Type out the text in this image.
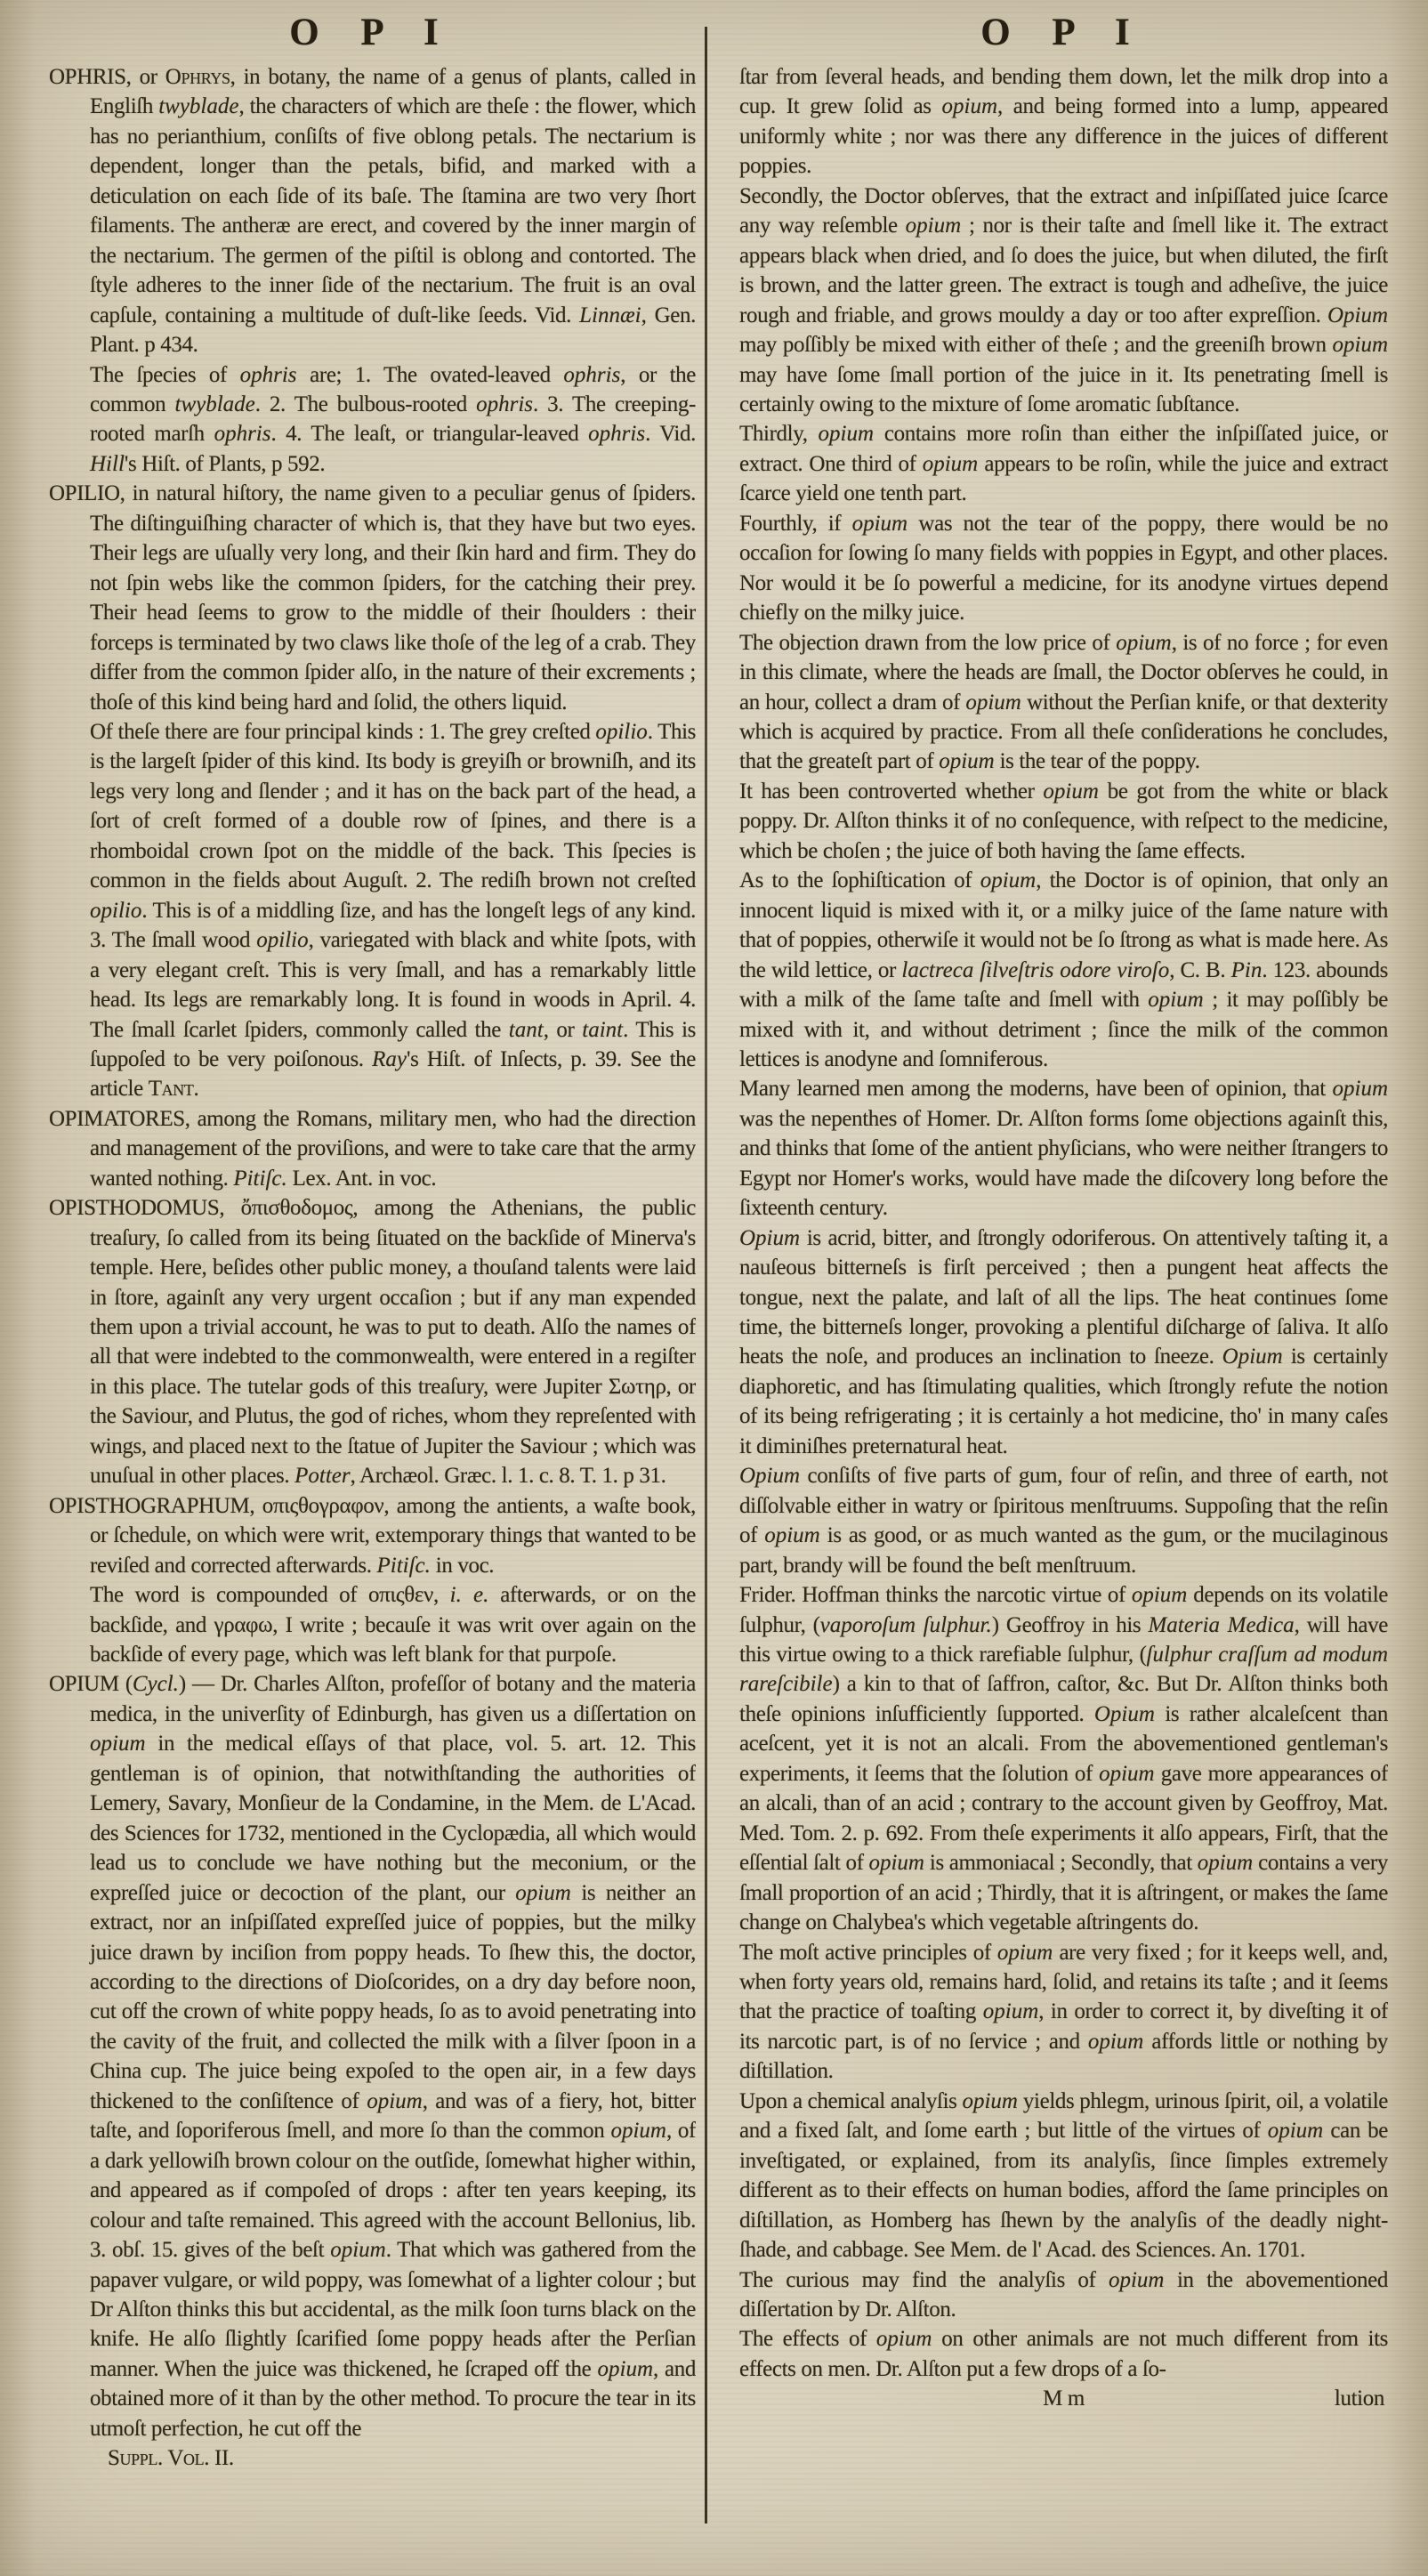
O P I	O P I
OPHRIS, or Ophrys, in botany, the name of a genus of plants, called in Engliſh twyblade, the characters of which are theſe : the flower, which has no perianthium, conſiſts of five oblong petals. The nectarium is dependent, longer than the petals, bifid, and marked with a deticulation on each ſide of its baſe. The ſtamina are two very ſhort filaments. The antheræ are erect, and covered by the inner margin of the nectarium. The germen of the piſtil is oblong and contorted. The ſtyle adheres to the inner ſide of the nectarium. The fruit is an oval capſule, containing a multitude of duſt-like ſeeds. Vid. Linnæi, Gen. Plant. p 434.
The ſpecies of ophris are; 1. The ovated-leaved ophris, or the common twyblade. 2. The bulbous-rooted ophris. 3. The creeping-rooted marſh ophris. 4. The leaſt, or triangular-leaved ophris. Vid. Hill's Hiſt. of Plants, p 592.
OPILIO, in natural hiſtory, the name given to a peculiar genus of ſpiders. The diſtinguiſhing character of which is, that they have but two eyes. Their legs are uſually very long, and their ſkin hard and firm. They do not ſpin webs like the common ſpiders, for the catching their prey. Their head ſeems to grow to the middle of their ſhoulders : their forceps is terminated by two claws like thoſe of the leg of a crab. They differ from the common ſpider alſo, in the nature of their excrements ; thoſe of this kind being hard and ſolid, the others liquid.
Of theſe there are four principal kinds : 1. The grey creſted opilio. This is the largeſt ſpider of this kind. Its body is greyiſh or browniſh, and its legs very long and ſlender ; and it has on the back part of the head, a ſort of creſt formed of a double row of ſpines, and there is a rhomboidal crown ſpot on the middle of the back. This ſpecies is common in the fields about Auguſt. 2. The rediſh brown not creſted opilio. This is of a middling ſize, and has the longeſt legs of any kind. 3. The ſmall wood opilio, variegated with black and white ſpots, with a very elegant creſt. This is very ſmall, and has a remarkably little head. Its legs are remarkably long. It is found in woods in April. 4. The ſmall ſcarlet ſpiders, commonly called the tant, or taint. This is ſuppoſed to be very poiſonous. Ray's Hiſt. of Inſects, p. 39. See the article Tant.
OPIMATORES, among the Romans, military men, who had the direction and management of the proviſions, and were to take care that the army wanted nothing. Pitiſc. Lex. Ant. in voc.
OPISTHODOMUS, ὄπισθοδομος, among the Athenians, the public treaſury, ſo called from its being ſituated on the backſide of Minerva's temple. Here, beſides other public money, a thouſand talents were laid in ſtore, againſt any very urgent occaſion ; but if any man expended them upon a trivial account, he was to put to death. Alſo the names of all that were indebted to the commonwealth, were entered in a regiſter in this place. The tutelar gods of this treaſury, were Jupiter Σωτηρ, or the Saviour, and Plutus, the god of riches, whom they repreſented with wings, and placed next to the ſtatue of Jupiter the Saviour ; which was unuſual in other places. Potter, Archæol. Græc. l. 1. c. 8. T. 1. p 31.
OPISTHOGRAPHUM, οπιςθογραφον, among the antients, a waſte book, or ſchedule, on which were writ, extemporary things that wanted to be reviſed and corrected afterwards. Pitiſc. in voc.
The word is compounded of οπιςθεν, i. e. afterwards, or on the backſide, and γραφω, I write ; becauſe it was writ over again on the backſide of every page, which was left blank for that purpoſe.
OPIUM (Cycl.) — Dr. Charles Alſton, profeſſor of botany and the materia medica, in the univerſity of Edinburgh, has given us a diſſertation on opium in the medical eſſays of that place, vol. 5. art. 12. This gentleman is of opinion, that notwithſtanding the authorities of Lemery, Savary, Monſieur de la Condamine, in the Mem. de L'Acad. des Sciences for 1732, mentioned in the Cyclopædia, all which would lead us to conclude we have nothing but the meconium, or the expreſſed juice or decoction of the plant, our opium is neither an extract, nor an inſpiſſated expreſſed juice of poppies, but the milky juice drawn by inciſion from poppy heads. To ſhew this, the doctor, according to the directions of Dioſcorides, on a dry day before noon, cut off the crown of white poppy heads, ſo as to avoid penetrating into the cavity of the fruit, and collected the milk with a ſilver ſpoon in a China cup. The juice being expoſed to the open air, in a few days thickened to the conſiſtence of opium, and was of a fiery, hot, bitter taſte, and ſoporiferous ſmell, and more ſo than the common opium, of a dark yellowiſh brown colour on the outſide, ſomewhat higher within, and appeared as if compoſed of drops : after ten years keeping, its colour and taſte remained. This agreed with the account Bellonius, lib. 3. obſ. 15. gives of the beſt opium. That which was gathered from the papaver vulgare, or wild poppy, was ſomewhat of a lighter colour ; but Dr Alſton thinks this but accidental, as the milk ſoon turns black on the knife. He alſo ſlightly ſcarified ſome poppy heads after the Perſian manner. When the juice was thickened, he ſcraped off the opium, and obtained more of it than by the other method. To procure the tear in its utmoſt perfection, he cut off the
Suppl. Vol. II.
ſtar from ſeveral heads, and bending them down, let the milk drop into a cup. It grew ſolid as opium, and being formed into a lump, appeared uniformly white ; nor was there any difference in the juices of different poppies.
Secondly, the Doctor obſerves, that the extract and inſpiſſated juice ſcarce any way reſemble opium ; nor is their taſte and ſmell like it. The extract appears black when dried, and ſo does the juice, but when diluted, the firſt is brown, and the latter green. The extract is tough and adheſive, the juice rough and friable, and grows mouldy a day or too after expreſſion. Opium may poſſibly be mixed with either of theſe ; and the greeniſh brown opium may have ſome ſmall portion of the juice in it. Its penetrating ſmell is certainly owing to the mixture of ſome aromatic ſubſtance.
Thirdly, opium contains more roſin than either the inſpiſſated juice, or extract. One third of opium appears to be roſin, while the juice and extract ſcarce yield one tenth part.
Fourthly, if opium was not the tear of the poppy, there would be no occaſion for ſowing ſo many fields with poppies in Egypt, and other places. Nor would it be ſo powerful a medicine, for its anodyne virtues depend chiefly on the milky juice.
The objection drawn from the low price of opium, is of no force ; for even in this climate, where the heads are ſmall, the Doctor obſerves he could, in an hour, collect a dram of opium without the Perſian knife, or that dexterity which is acquired by practice. From all theſe conſiderations he concludes, that the greateſt part of opium is the tear of the poppy.
It has been controverted whether opium be got from the white or black poppy. Dr. Alſton thinks it of no conſequence, with reſpect to the medicine, which be choſen ; the juice of both having the ſame effects.
As to the ſophiſtication of opium, the Doctor is of opinion, that only an innocent liquid is mixed with it, or a milky juice of the ſame nature with that of poppies, otherwiſe it would not be ſo ſtrong as what is made here. As the wild lettice, or lactreca ſilveſtris odore viroſo, C. B. Pin. 123. abounds with a milk of the ſame taſte and ſmell with opium ; it may poſſibly be mixed with it, and without detriment ; ſince the milk of the common lettices is anodyne and ſomniferous.
Many learned men among the moderns, have been of opinion, that opium was the nepenthes of Homer. Dr. Alſton forms ſome objections againſt this, and thinks that ſome of the antient phyſicians, who were neither ſtrangers to Egypt nor Homer's works, would have made the diſcovery long before the ſixteenth century.
Opium is acrid, bitter, and ſtrongly odoriferous. On attentively taſting it, a nauſeous bitterneſs is firſt perceived ; then a pungent heat affects the tongue, next the palate, and laſt of all the lips. The heat continues ſome time, the bitterneſs longer, provoking a plentiful diſcharge of ſaliva. It alſo heats the noſe, and produces an inclination to ſneeze. Opium is certainly diaphoretic, and has ſtimulating qualities, which ſtrongly refute the notion of its being refrigerating ; it is certainly a hot medicine, tho' in many caſes it diminiſhes preternatural heat.
Opium conſiſts of five parts of gum, four of reſin, and three of earth, not diſſolvable either in watry or ſpiritous menſtruums. Suppoſing that the reſin of opium is as good, or as much wanted as the gum, or the mucilaginous part, brandy will be found the beſt menſtruum.
Frider. Hoffman thinks the narcotic virtue of opium depends on its volatile ſulphur, (vaporoſum ſulphur.) Geoffroy in his Materia Medica, will have this virtue owing to a thick rarefiable ſulphur, (ſulphur craſſum ad modum rareſcibile) a kin to that of ſaffron, caſtor, &c. But Dr. Alſton thinks both theſe opinions inſufficiently ſupported. Opium is rather alcaleſcent than aceſcent, yet it is not an alcali. From the abovementioned gentleman's experiments, it ſeems that the ſolution of opium gave more appearances of an alcali, than of an acid ; contrary to the account given by Geoffroy, Mat. Med. Tom. 2. p. 692. From theſe experiments it alſo appears, Firſt, that the eſſential ſalt of opium is ammoniacal ; Secondly, that opium contains a very ſmall proportion of an acid ; Thirdly, that it is aſtringent, or makes the ſame change on Chalybea's which vegetable aſtringents do.
The moſt active principles of opium are very fixed ; for it keeps well, and, when forty years old, remains hard, ſolid, and retains its taſte ; and it ſeems that the practice of toaſting opium, in order to correct it, by diveſting it of its narcotic part, is of no ſervice ; and opium affords little or nothing by diſtillation.
Upon a chemical analyſis opium yields phlegm, urinous ſpirit, oil, a volatile and a fixed ſalt, and ſome earth ; but little of the virtues of opium can be inveſtigated, or explained, from its analyſis, ſince ſimples extremely different as to their effects on human bodies, afford the ſame principles on diſtillation, as Homberg has ſhewn by the analyſis of the deadly night-ſhade, and cabbage. See Mem. de l' Acad. des Sciences. An. 1701.
The curious may find the analyſis of opium in the abovementioned diſſertation by Dr. Alſton.
The effects of opium on other animals are not much different from its effects on men. Dr. Alſton put a few drops of a ſo-
M m	lution
